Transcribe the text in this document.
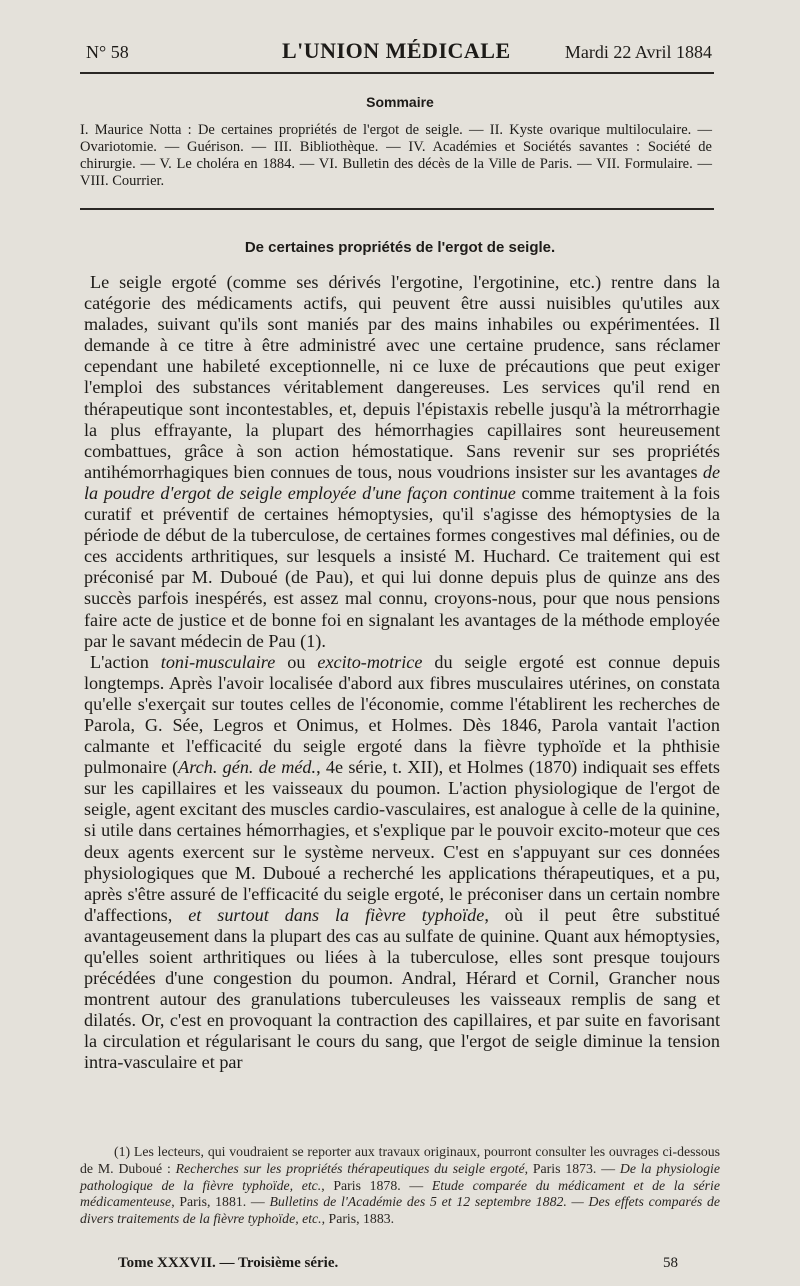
N° 58	L'UNION MÉDICALE	Mardi 22 Avril 1884
Sommaire
I. Maurice Notta : De certaines propriétés de l'ergot de seigle. — II. Kyste ovarique multiloculaire. — Ovariotomie. — Guérison. — III. Bibliothèque. — IV. Académies et Sociétés savantes : Société de chirurgie. — V. Le choléra en 1884. — VI. Bulletin des décès de la Ville de Paris. — VII. Formulaire. — VIII. Courrier.
De certaines propriétés de l'ergot de seigle.

Le seigle ergoté (comme ses dérivés l'ergotine, l'ergotinine, etc.) rentre dans la catégorie des médicaments actifs, qui peuvent être aussi nuisibles qu'utiles aux malades, suivant qu'ils sont maniés par des mains inhabiles ou expérimentées. Il demande à ce titre à être administré avec une certaine prudence, sans réclamer cependant une habileté exceptionnelle, ni ce luxe de précautions que peut exiger l'emploi des substances véritablement dangereuses. Les services qu'il rend en thérapeutique sont incontestables, et, depuis l'épistaxis rebelle jusqu'à la métrorrhagie la plus effrayante, la plupart des hémorrhagies capillaires sont heureusement combattues, grâce à son action hémostatique. Sans revenir sur ses propriétés antihémorrhagiques bien connues de tous, nous voudrions insister sur les avantages de la poudre d'ergot de seigle employée d'une façon continue comme traitement à la fois curatif et préventif de certaines hémoptysies, qu'il s'agisse des hémoptysies de la période de début de la tuberculose, de certaines formes congestives mal définies, ou de ces accidents arthritiques, sur lesquels a insisté M. Huchard. Ce traitement qui est préconisé par M. Duboué (de Pau), et qui lui donne depuis plus de quinze ans des succès parfois inespérés, est assez mal connu, croyons-nous, pour que nous pensions faire acte de justice et de bonne foi en signalant les avantages de la méthode employée par le savant médecin de Pau (1).

L'action toni-musculaire ou excito-motrice du seigle ergoté est connue depuis longtemps. Après l'avoir localisée d'abord aux fibres musculaires utérines, on constata qu'elle s'exerçait sur toutes celles de l'économie, comme l'établirent les recherches de Parola, G. Sée, Legros et Onimus, et Holmes. Dès 1846, Parola vantait l'action calmante et l'efficacité du seigle ergoté dans la fièvre typhoïde et la phthisie pulmonaire (Arch. gén. de méd., 4e série, t. XII), et Holmes (1870) indiquait ses effets sur les capillaires et les vaisseaux du poumon. L'action physiologique de l'ergot de seigle, agent excitant des muscles cardio-vasculaires, est analogue à celle de la quinine, si utile dans certaines hémorrhagies, et s'explique par le pouvoir excito-moteur que ces deux agents exercent sur le système nerveux. C'est en s'appuyant sur ces données physiologiques que M. Duboué a recherché les applications thérapeutiques, et a pu, après s'être assuré de l'efficacité du seigle ergoté, le préconiser dans un certain nombre d'affections, et surtout dans la fièvre typhoïde, où il peut être substitué avantageusement dans la plupart des cas au sulfate de quinine. Quant aux hémoptysies, qu'elles soient arthritiques ou liées à la tuberculose, elles sont presque toujours précédées d'une congestion du poumon. Andral, Hérard et Cornil, Grancher nous montrent autour des granulations tuberculeuses les vaisseaux remplis de sang et dilatés. Or, c'est en provoquant la contraction des capillaires, et par suite en favorisant la circulation et régularisant le cours du sang, que l'ergot de seigle diminue la tension intra-vasculaire et par

(1) Les lecteurs, qui voudraient se reporter aux travaux originaux, pourront consulter les ouvrages ci-dessous de M. Duboué : Recherches sur les propriétés thérapeutiques du seigle ergoté, Paris 1873. — De la physiologie pathologique de la fièvre typhoïde, etc., Paris 1878. — Etude comparée du médicament et de la série médicamenteuse, Paris, 1881. — Bulletins de l'Académie des 5 et 12 septembre 1882. — Des effets comparés de divers traitements de la fièvre typhoïde, etc., Paris, 1883.

Tome XXXVII. — Troisième série.	58
